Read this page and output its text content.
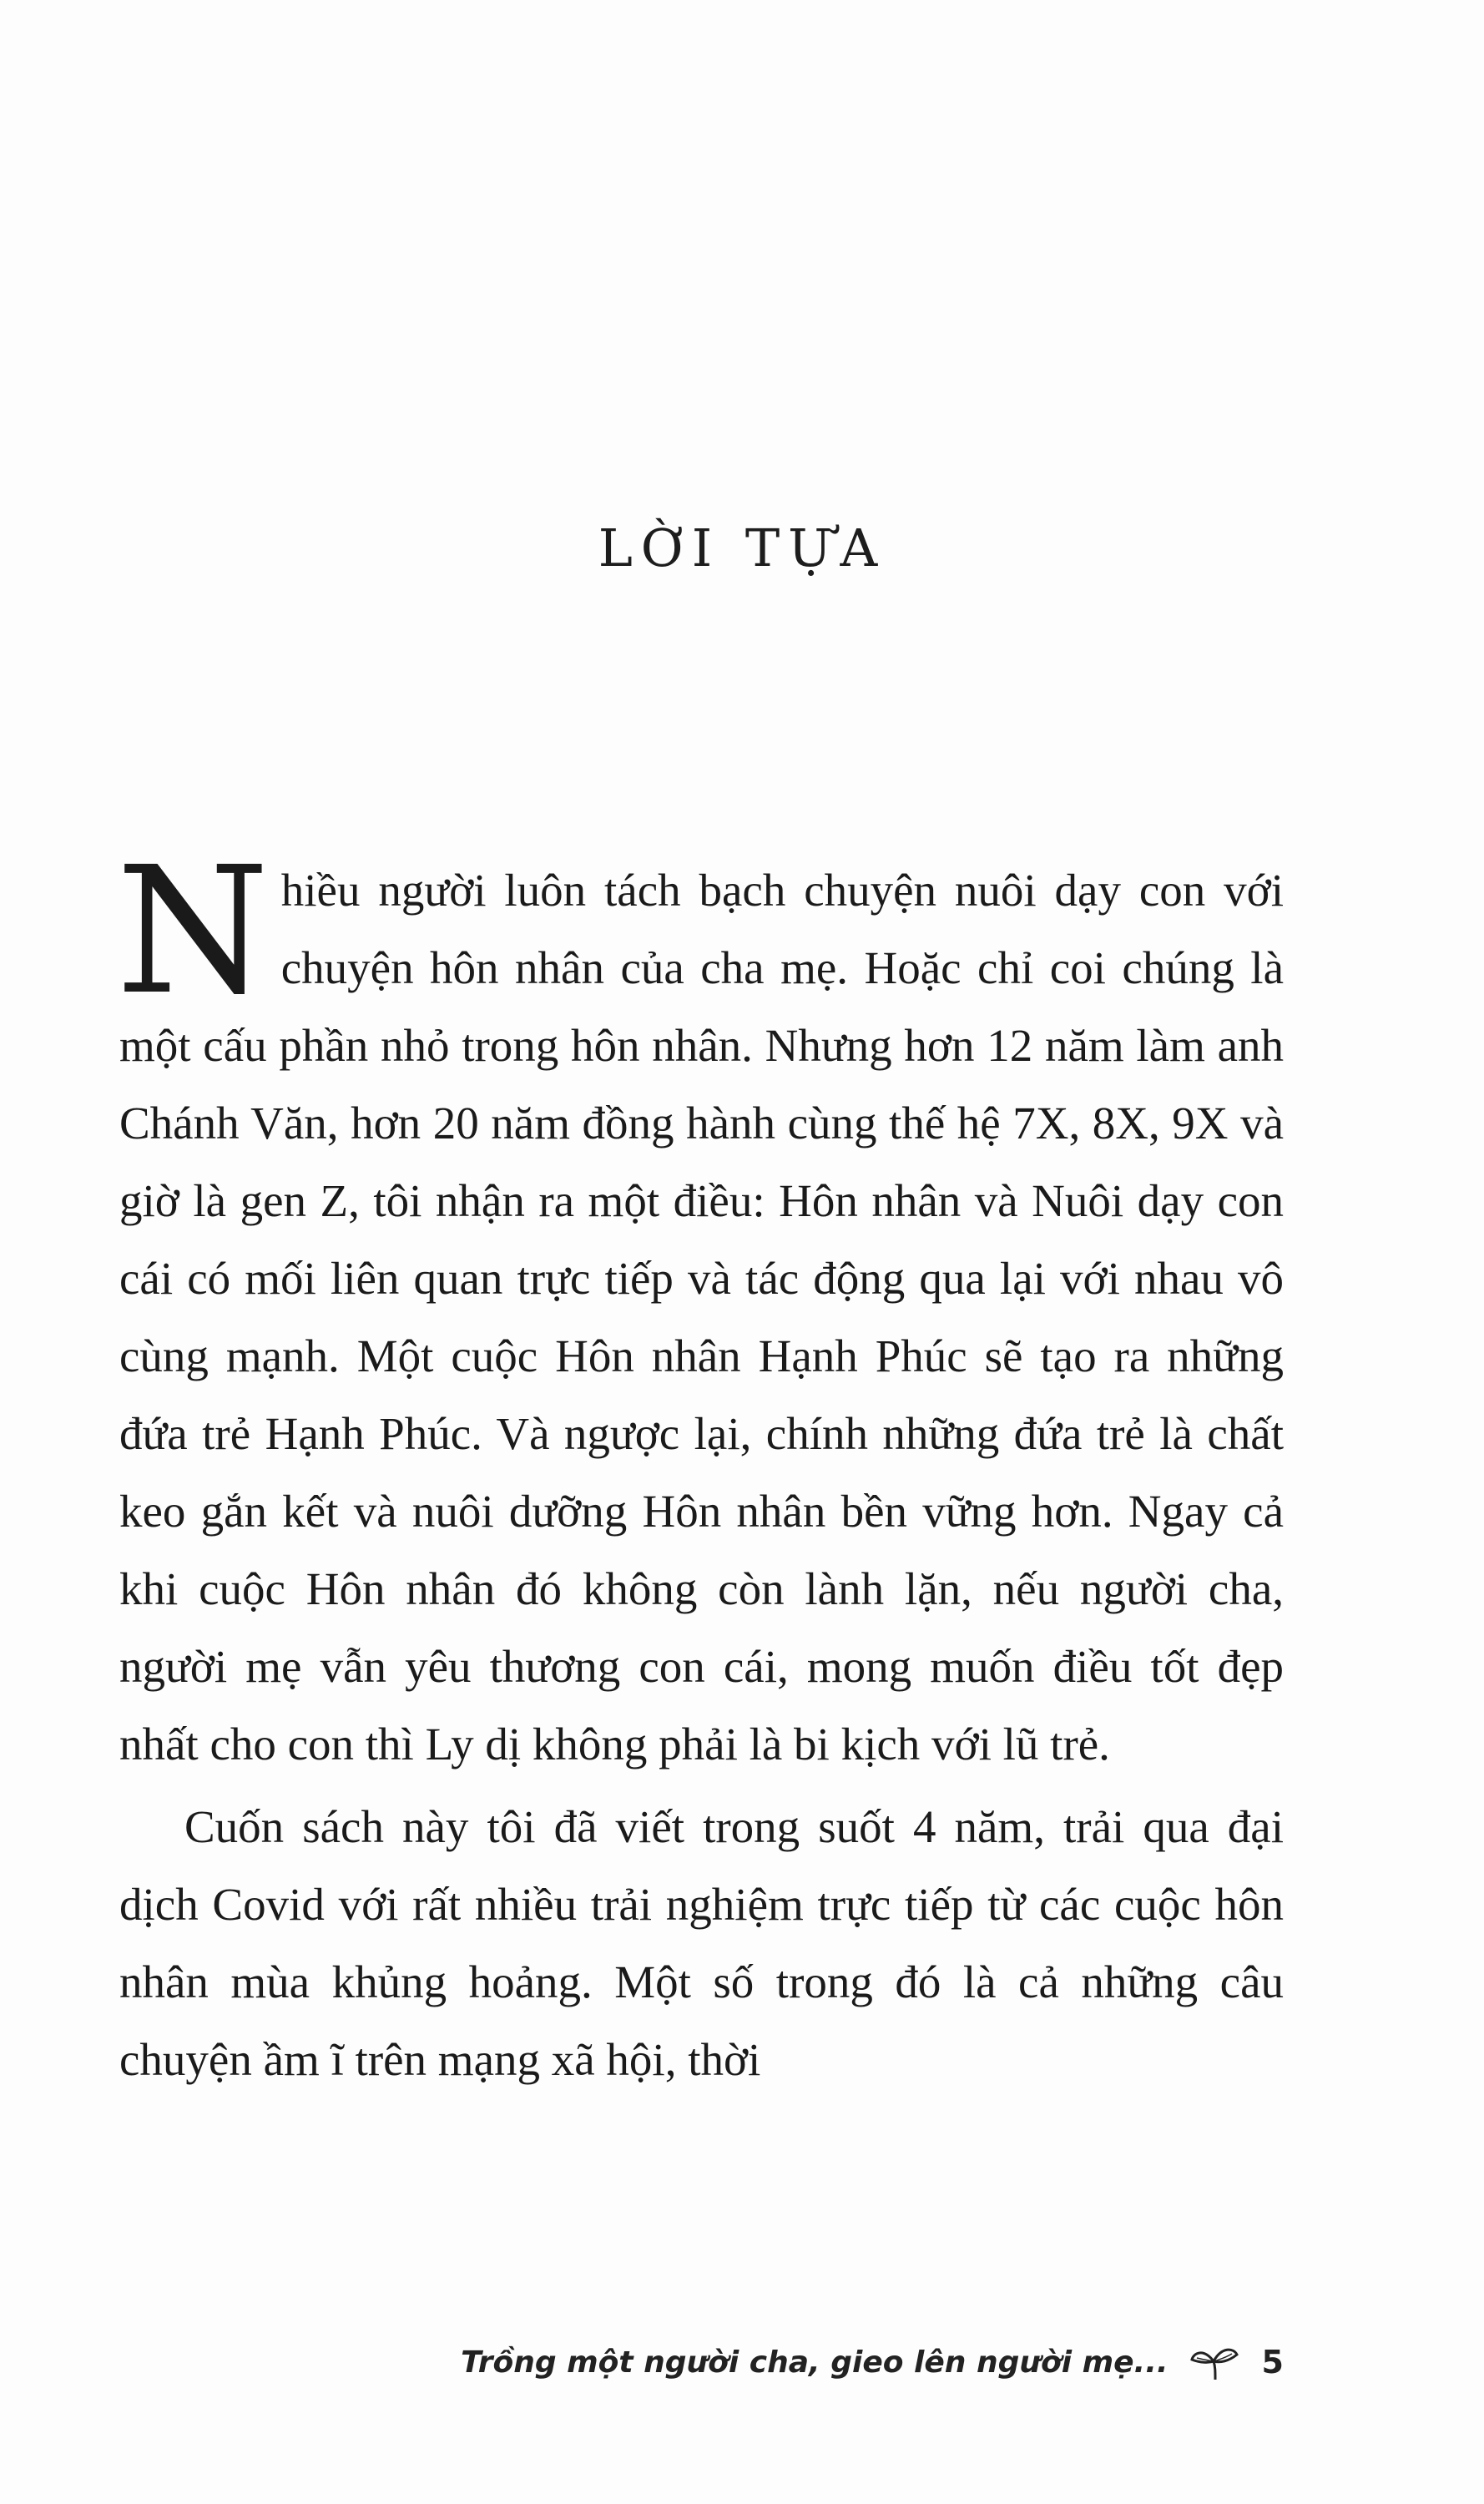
LỜI TỰA

Nhiều người luôn tách bạch chuyện nuôi dạy con với chuyện hôn nhân của cha mẹ. Hoặc chỉ coi chúng là một cấu phần nhỏ trong hôn nhân. Nhưng hơn 12 năm làm anh Chánh Văn, hơn 20 năm đồng hành cùng thế hệ 7X, 8X, 9X và giờ là gen Z, tôi nhận ra một điều: Hôn nhân và Nuôi dạy con cái có mối liên quan trực tiếp và tác động qua lại với nhau vô cùng mạnh. Một cuộc Hôn nhân Hạnh Phúc sẽ tạo ra những đứa trẻ Hạnh Phúc. Và ngược lại, chính những đứa trẻ là chất keo gắn kết và nuôi dưỡng Hôn nhân bền vững hơn. Ngay cả khi cuộc Hôn nhân đó không còn lành lặn, nếu người cha, người mẹ vẫn yêu thương con cái, mong muốn điều tốt đẹp nhất cho con thì Ly dị không phải là bi kịch với lũ trẻ.

Cuốn sách này tôi đã viết trong suốt 4 năm, trải qua đại dịch Covid với rất nhiều trải nghiệm trực tiếp từ các cuộc hôn nhân mùa khủng hoảng. Một số trong đó là cả những câu chuyện ầm ĩ trên mạng xã hội, thời

Trồng một người cha, gieo lên người mẹ...	5
